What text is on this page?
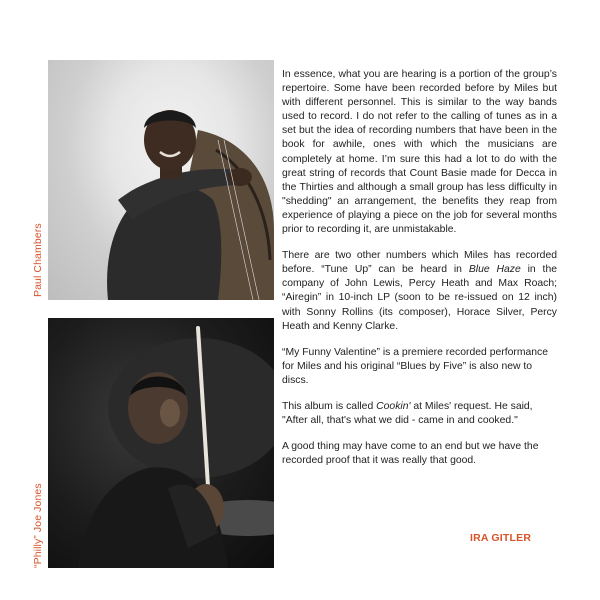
Paul Chambers
“Philly” Joe Jones

In essence, what you are hearing is a portion of the group’s repertoire. Some have been recorded before by Miles but with different personnel. This is similar to the way bands used to record. I do not refer to the calling of tunes as in a set but the idea of recording numbers that have been in the book for awhile, ones with which the musicians are completely at home. I’m sure this had a lot to do with the great string of records that Count Basie made for Decca in the Thirties and although a small group has less difficulty in "shedding" an arrangement, the benefits they reap from experience of playing a piece on the job for several months prior to recording it, are unmistakable.

There are two other numbers which Miles has recorded before. “Tune Up” can be heard in Blue Haze in the company of John Lewis, Percy Heath and Max Roach; “Airegin” in 10-inch LP (soon to be re-issued on 12 inch) with Sonny Rollins (its composer), Horace Silver, Percy Heath and Kenny Clarke.

“My Funny Valentine” is a premiere recorded performance for Miles and his original “Blues by Five” is also new to discs.

This album is called Cookin' at Miles' request. He said, "After all, that's what we did - came in and cooked."

A good thing may have come to an end but we have the recorded proof that it was really that good.

IRA GITLER
